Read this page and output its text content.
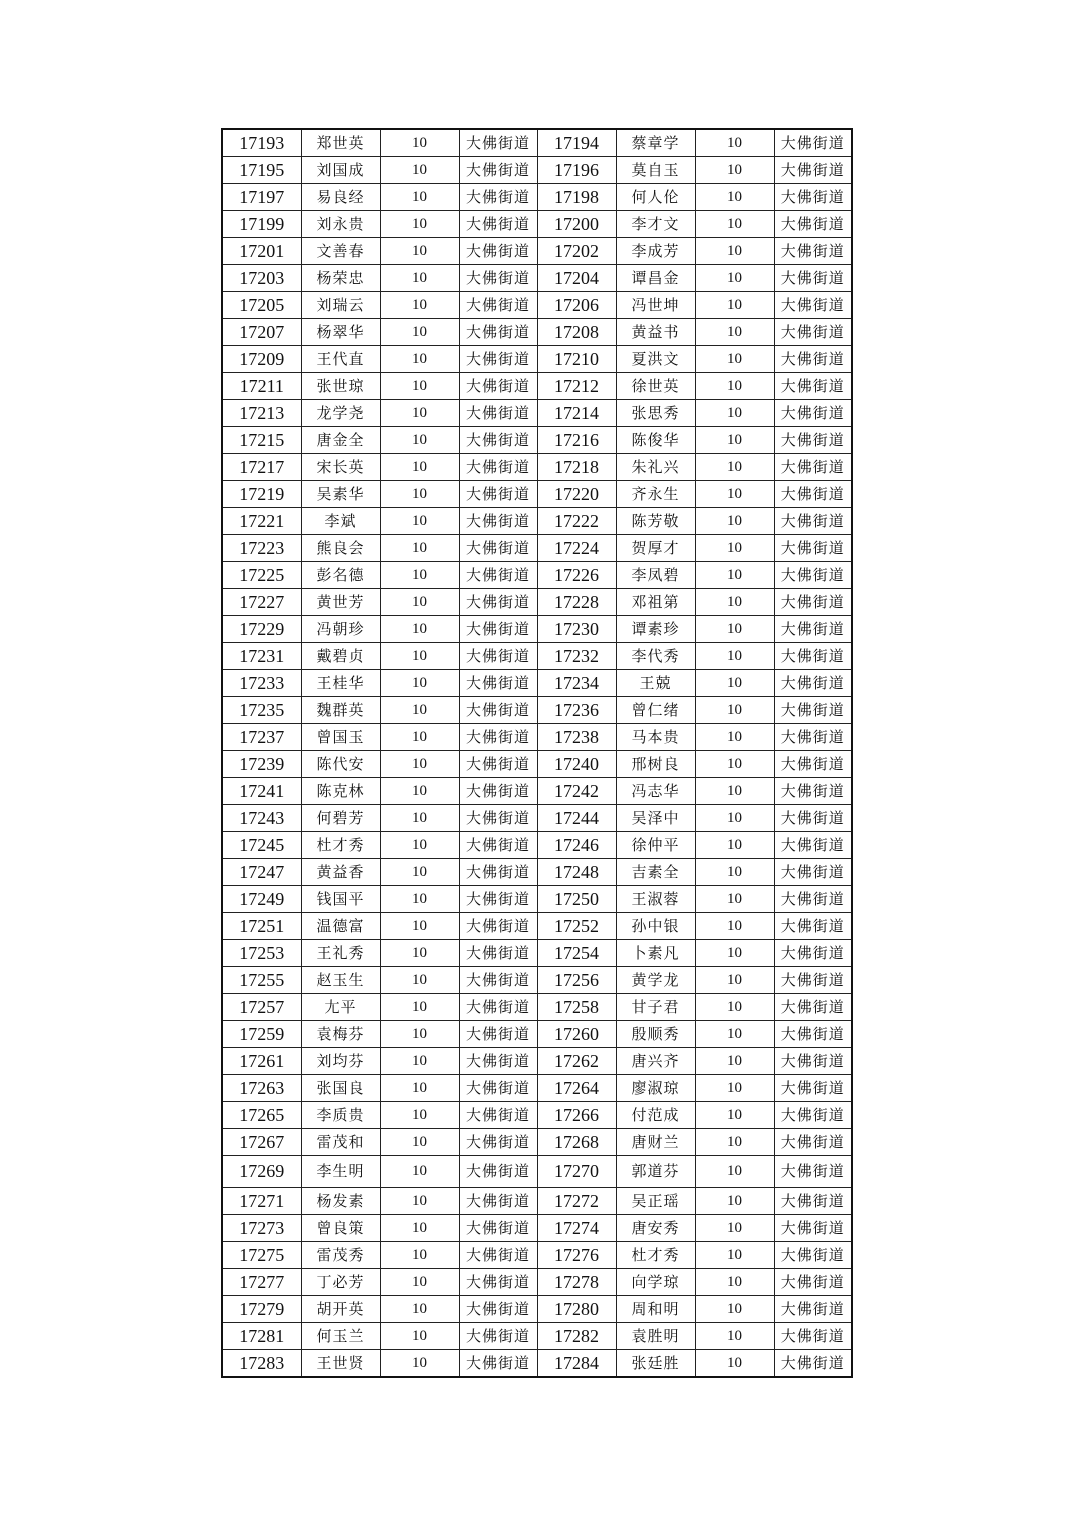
17193	郑世英	10	大佛街道	17194	蔡章学	10	大佛街道
17195	刘国成	10	大佛街道	17196	莫自玉	10	大佛街道
17197	易良经	10	大佛街道	17198	何人伦	10	大佛街道
17199	刘永贵	10	大佛街道	17200	李才文	10	大佛街道
17201	文善春	10	大佛街道	17202	李成芳	10	大佛街道
17203	杨荣忠	10	大佛街道	17204	谭昌金	10	大佛街道
17205	刘瑞云	10	大佛街道	17206	冯世坤	10	大佛街道
17207	杨翠华	10	大佛街道	17208	黄益书	10	大佛街道
17209	王代直	10	大佛街道	17210	夏洪文	10	大佛街道
17211	张世琼	10	大佛街道	17212	徐世英	10	大佛街道
17213	龙学尧	10	大佛街道	17214	张思秀	10	大佛街道
17215	唐金全	10	大佛街道	17216	陈俊华	10	大佛街道
17217	宋长英	10	大佛街道	17218	朱礼兴	10	大佛街道
17219	吴素华	10	大佛街道	17220	齐永生	10	大佛街道
17221	李斌	10	大佛街道	17222	陈芳敬	10	大佛街道
17223	熊良会	10	大佛街道	17224	贺厚才	10	大佛街道
17225	彭名德	10	大佛街道	17226	李凤碧	10	大佛街道
17227	黄世芳	10	大佛街道	17228	邓祖第	10	大佛街道
17229	冯朝珍	10	大佛街道	17230	谭素珍	10	大佛街道
17231	戴碧贞	10	大佛街道	17232	李代秀	10	大佛街道
17233	王桂华	10	大佛街道	17234	王兢	10	大佛街道
17235	魏群英	10	大佛街道	17236	曾仁绪	10	大佛街道
17237	曾国玉	10	大佛街道	17238	马本贵	10	大佛街道
17239	陈代安	10	大佛街道	17240	邢树良	10	大佛街道
17241	陈克林	10	大佛街道	17242	冯志华	10	大佛街道
17243	何碧芳	10	大佛街道	17244	吴泽中	10	大佛街道
17245	杜才秀	10	大佛街道	17246	徐仲平	10	大佛街道
17247	黄益香	10	大佛街道	17248	吉素全	10	大佛街道
17249	钱国平	10	大佛街道	17250	王淑蓉	10	大佛街道
17251	温德富	10	大佛街道	17252	孙中银	10	大佛街道
17253	王礼秀	10	大佛街道	17254	卜素凡	10	大佛街道
17255	赵玉生	10	大佛街道	17256	黄学龙	10	大佛街道
17257	尢平	10	大佛街道	17258	甘子君	10	大佛街道
17259	袁梅芬	10	大佛街道	17260	殷顺秀	10	大佛街道
17261	刘均芬	10	大佛街道	17262	唐兴齐	10	大佛街道
17263	张国良	10	大佛街道	17264	廖淑琼	10	大佛街道
17265	李质贵	10	大佛街道	17266	付范成	10	大佛街道
17267	雷茂和	10	大佛街道	17268	唐财兰	10	大佛街道
17269	李生明	10	大佛街道	17270	郭道芬	10	大佛街道
17271	杨发素	10	大佛街道	17272	吴正瑶	10	大佛街道
17273	曾良策	10	大佛街道	17274	唐安秀	10	大佛街道
17275	雷茂秀	10	大佛街道	17276	杜才秀	10	大佛街道
17277	丁必芳	10	大佛街道	17278	向学琼	10	大佛街道
17279	胡开英	10	大佛街道	17280	周和明	10	大佛街道
17281	何玉兰	10	大佛街道	17282	袁胜明	10	大佛街道
17283	王世贤	10	大佛街道	17284	张廷胜	10	大佛街道
